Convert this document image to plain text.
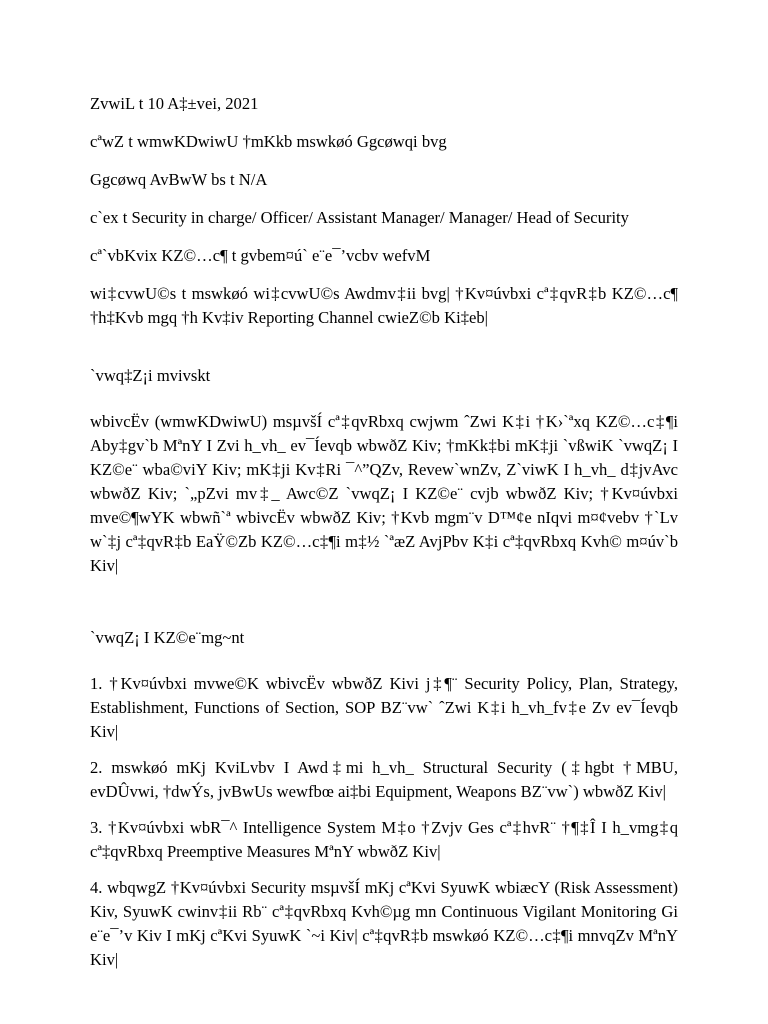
ZvwiL t 10 A‡±vei, 2021

cªwZ t wmwKDwiwU †mKkb mswkøó Ggcøwqi bvg

Ggcøwq AvBwW bs t N/A

c`ex t Security in charge/ Officer/ Assistant Manager/ Manager/ Head of Security

cª`vbKvix KZ©…c¶ t gvbem¤ú` e¨e¯’vcbv wefvM

wi‡cvwU©s t mswkøó wi‡cvwU©s Awdmv‡ii bvg| †Kv¤úvbxi cª‡qvR‡b KZ©…c¶ †h‡Kvb mgq †h Kv‡iv Reporting Channel cwieZ©b Ki‡eb|

`vwq‡Z¡i mvivskt

wbivcËv (wmwKDwiwU) msµvšÍ cª‡qvRbxq cwjwm ˆZwi K‡i †K›`ªxq KZ©…c‡¶i Aby‡gv`b MªnY I Zvi h_vh_ ev¯Íevqb wbwðZ Kiv; †mKk‡bi mK‡ji `vßwiK `vwqZ¡ I KZ©e¨ wba©viY Kiv; mK‡ji Kv‡Ri ¯^”QZv, Revew`wnZv, Z`viwK I h_vh_ d‡jvAvc wbwðZ Kiv; `„pZvi mv‡_ Awc©Z `vwqZ¡ I KZ©e¨ cvjb wbwðZ Kiv; †Kv¤úvbxi mve©¶wYK wbwñ`ª wbivcËv wbwðZ Kiv; †Kvb mgm¨v D™¢e nIqvi m¤¢vebv †`Lv w`‡j cª‡qvR‡b EaŸ©Zb KZ©…c‡¶i m‡½ `ªæZ AvjPbv K‡i cª‡qvRbxq Kvh© m¤úv`b Kiv|

`vwqZ¡ I KZ©e¨mg~nt

1. †Kv¤úvbxi mvwe©K wbivcËv wbwðZ Kivi j‡¶¨ Security Policy, Plan, Strategy, Establishment, Functions of Section, SOP BZ¨vw` ˆZwi K‡i h_vh_fv‡e Zv ev¯Íevqb Kiv|

2. mswkøó mKj KviLvbv I Awd‡mi h_vh_ Structural Security (‡hgbt †MBU, evDÛvwi, †dwÝs, jvBwUs wewfbœ ai‡bi Equipment, Weapons BZ¨vw`) wbwðZ Kiv|

3. †Kv¤úvbxi wbR¯^ Intelligence System M‡o †Zvjv Ges cª‡hvR¨ †¶‡Î I h_vmg‡q cª‡qvRbxq Preemptive Measures MªnY wbwðZ Kiv|

4. wbqwgZ †Kv¤úvbxi Security msµvšÍ mKj cªKvi SyuwK wbiæcY (Risk Assessment) Kiv, SyuwK cwinv‡ii Rb¨ cª‡qvRbxq Kvh©µg mn Continuous Vigilant Monitoring Gi e¨e¯’v Kiv I mKj cªKvi SyuwK `~i Kiv| cª‡qvR‡b mswkøó KZ©…c‡¶i mnvqZv MªnY Kiv|
